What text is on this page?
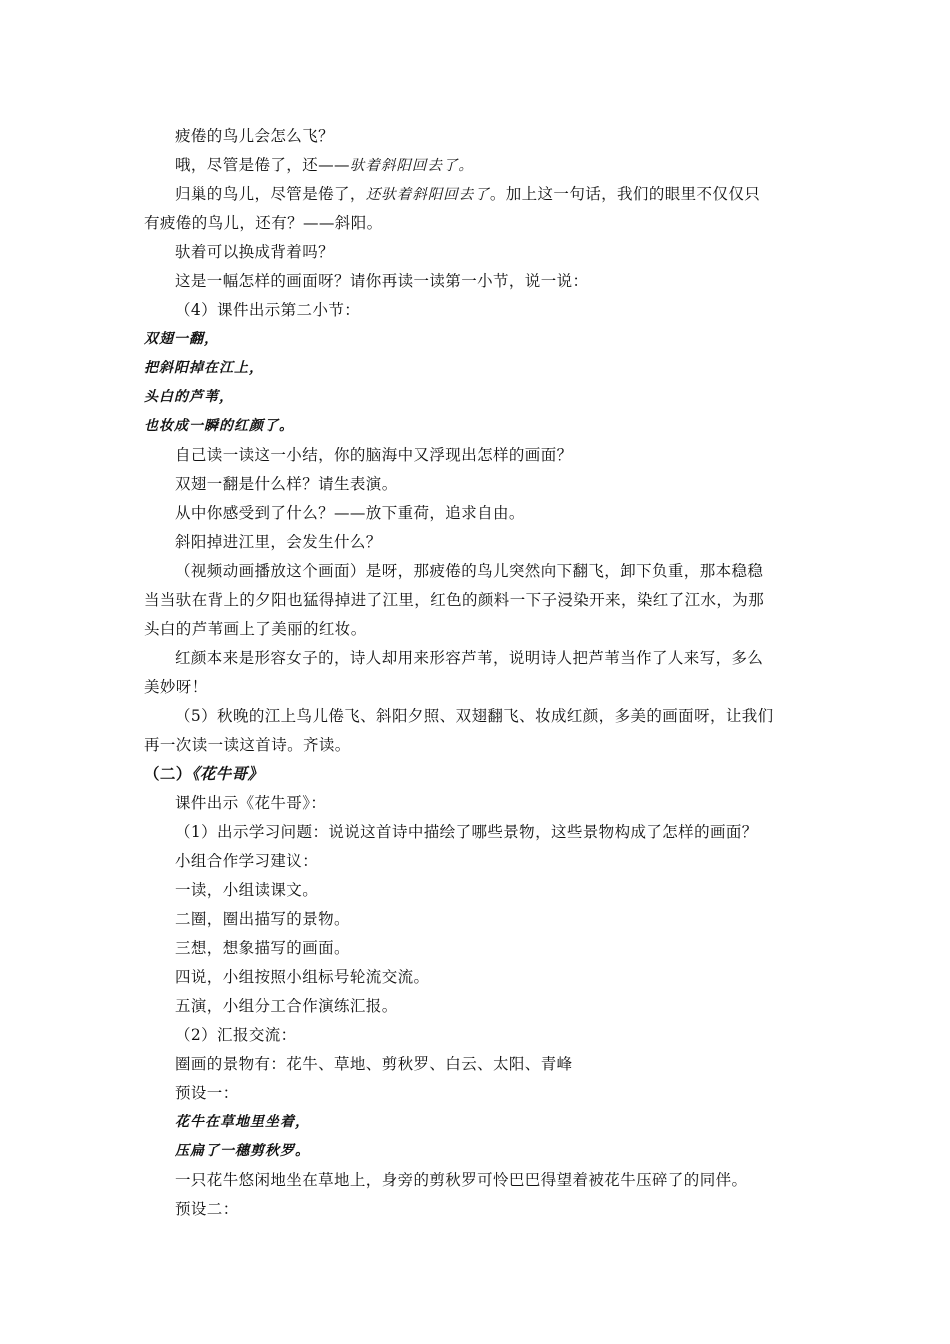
疲倦的鸟儿会怎么飞？
哦，尽管是倦了，还——驮着斜阳回去了。
归巢的鸟儿，尽管是倦了，还驮着斜阳回去了。加上这一句话，我们的眼里不仅仅只
有疲倦的鸟儿，还有？——斜阳。
驮着可以换成背着吗？
这是一幅怎样的画面呀？请你再读一读第一小节，说一说：
（4）课件出示第二小节：
双翅一翻，
把斜阳掉在江上，
头白的芦苇，
也妆成一瞬的红颜了。
自己读一读这一小结，你的脑海中又浮现出怎样的画面？
双翅一翻是什么样？请生表演。
从中你感受到了什么？——放下重荷，追求自由。
斜阳掉进江里，会发生什么？
（视频动画播放这个画面）是呀，那疲倦的鸟儿突然向下翻飞，卸下负重，那本稳稳
当当驮在背上的夕阳也猛得掉进了江里，红色的颜料一下子浸染开来，染红了江水，为那
头白的芦苇画上了美丽的红妆。
红颜本来是形容女子的，诗人却用来形容芦苇，说明诗人把芦苇当作了人来写，多么
美妙呀！
（5）秋晚的江上鸟儿倦飞、斜阳夕照、双翅翻飞、妆成红颜，多美的画面呀，让我们
再一次读一读这首诗。齐读。
（二）《花牛哥》
课件出示《花牛哥》：
（1）出示学习问题：说说这首诗中描绘了哪些景物，这些景物构成了怎样的画面？
小组合作学习建议：
一读，小组读课文。
二圈，圈出描写的景物。
三想，想象描写的画面。
四说，小组按照小组标号轮流交流。
五演，小组分工合作演练汇报。
（2）汇报交流：
圈画的景物有：花牛、草地、剪秋罗、白云、太阳、青峰
预设一：
花牛在草地里坐着，
压扁了一穗剪秋罗。
一只花牛悠闲地坐在草地上，身旁的剪秋罗可怜巴巴得望着被花牛压碎了的同伴。
预设二：
